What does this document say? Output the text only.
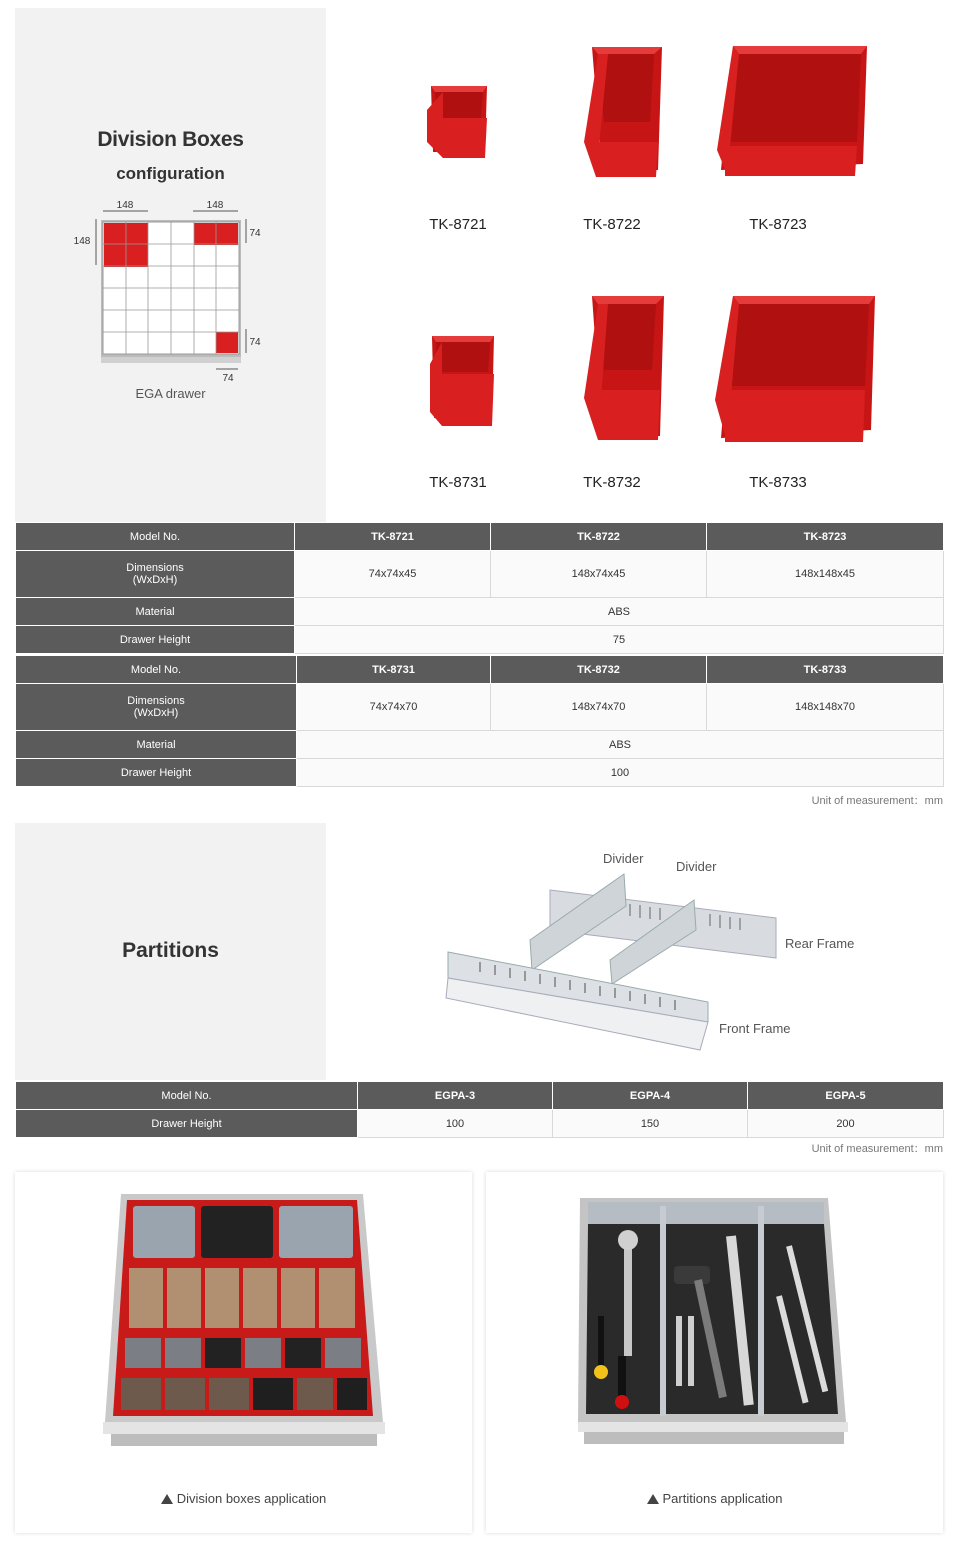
Division Boxes
configuration
148	148
148
74
74
74
EGA drawer
TK-8721	TK-8722	TK-8723
TK-8731	TK-8732	TK-8733
Model No.	TK-8721	TK-8722	TK-8723
Dimensions
(WxDxH)	74x74x45	148x74x45	148x148x45
Material	ABS		
Drawer Height	75		
Model No.	TK-8731	TK-8732	TK-8733
Dimensions
(WxDxH)	74x74x70	148x74x70	148x148x70
Material	ABS		
Drawer Height	100		
Unit of measurement：mm
Partitions
Divider
Divider
Rear Frame
Front Frame
Model No.	EGPA-3	EGPA-4	EGPA-5
Drawer Height	100	150	200
Unit of measurement：mm
Division boxes application	Partitions application
